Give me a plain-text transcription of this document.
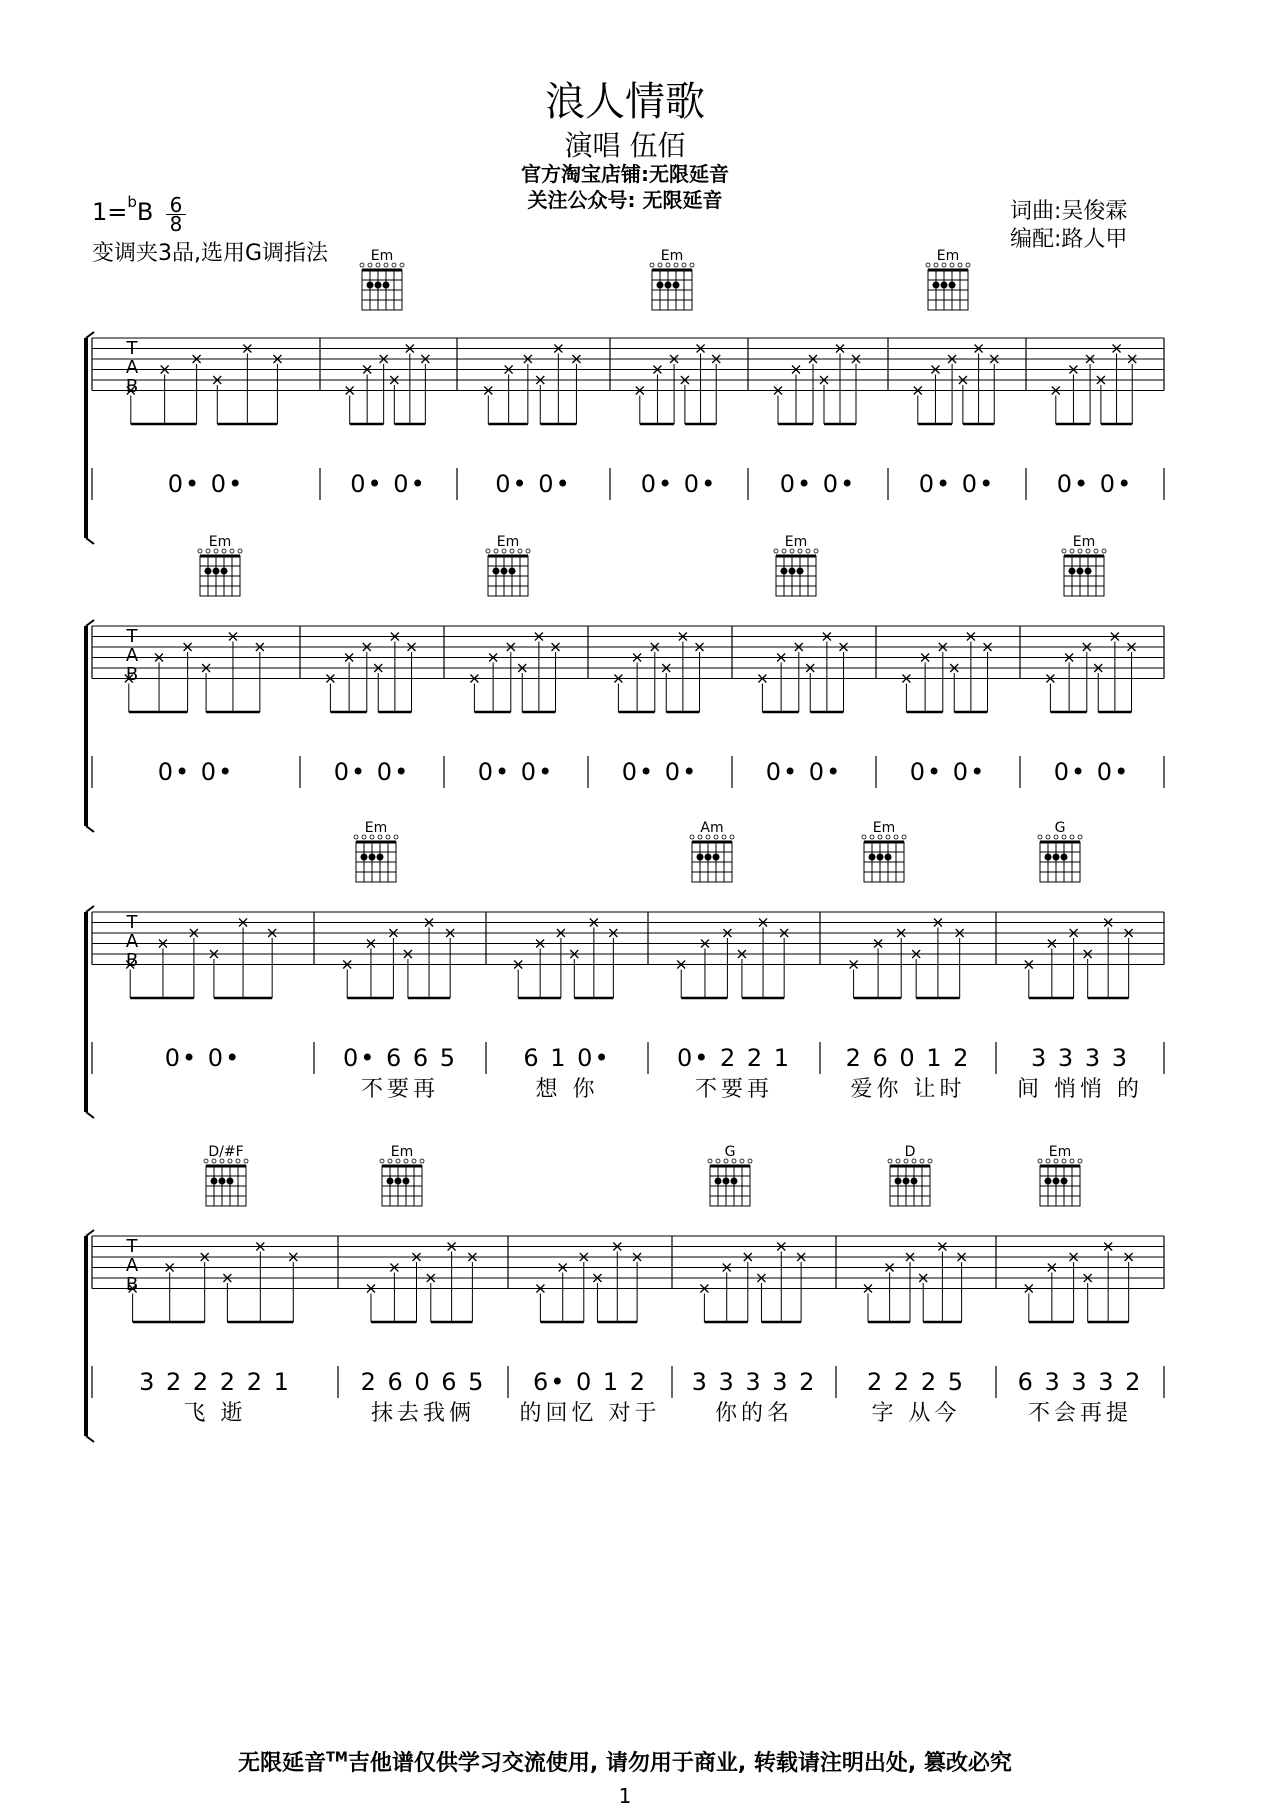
浪人情歌
演唱 伍佰
官方淘宝店铺:无限延音
关注公众号: 无限延音	词曲:吴俊霖
编配:路人甲
$1=^bB \frac{6}{8}$
变调夹3品,选用G调指法
T
A
B
0• 0•	0• 0•	0• 0•	0• 0•	0• 0•	0• 0•	0• 0•
Em	Em	Em
T
A
B
0• 0•	0• 0•	0• 0•	0• 0•	0• 0•	0• 0•	0• 0•
Em	Em	Em	Em
T
A
B
0• 0•	0• 6 6 5
不要再
6 1 0•
想 你
0• 2 2 1
不要再
2 6 0 1 2
爱你 让时
3 3 3 3
间 悄悄 的
Em	Am	Em	G
T
A
B
3 2 2 2 2 1
飞 逝
2 6 0 6 5
抹去我俩
6• 0 1 2
的回忆 对于
3 3 3 3 2
你的名
2 2 2 5
字 从今
6 3 3 3 2
不会再提
D/#F	Em	G	D	Em
无限延音™吉他谱仅供学习交流使用, 请勿用于商业, 转载请注明出处, 篡改必究
1
